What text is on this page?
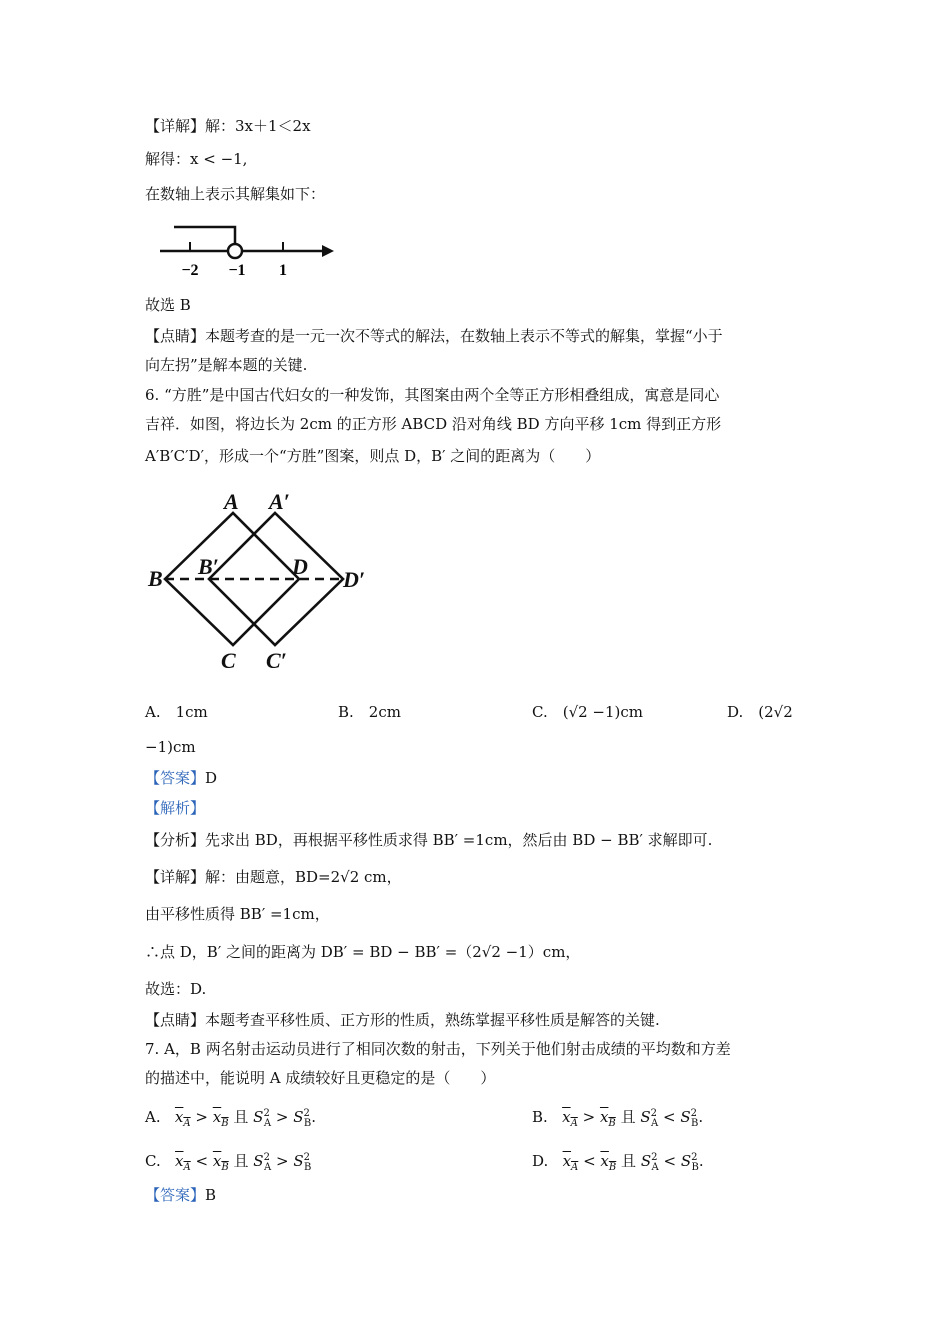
【详解】解：3x＋1＜2x
解得：x < −1,
在数轴上表示其解集如下：
−2 −1 1
故选 B
【点睛】本题考查的是一元一次不等式的解法，在数轴上表示不等式的解集，掌握“小于
向左拐”是解本题的关键.
6. “方胜”是中国古代妇女的一种发饰，其图案由两个全等正方形相叠组成，寓意是同心
吉祥．如图，将边长为 2cm 的正方形 ABCD 沿对角线 BD 方向平移 1cm 得到正方形
A′B′C′D′，形成一个“方胜”图案，则点 D，B′ 之间的距离为（　　）
A A′
B B′	D
D′
C C′
A.　1cm	B.　2cm	C.　(√2 −1)cm	D.　(2√2
−1)cm
【答案】D
【解析】
【分析】先求出 BD，再根据平移性质求得 BB′ =1cm，然后由 BD − BB′ 求解即可.
【详解】解：由题意，BD=2√2 cm，
由平移性质得 BB′ =1cm，
∴点 D，B′ 之间的距离为 DB′ = BD − BB′ =（2√2 −1）cm，
故选：D.
【点睛】本题考查平移性质、正方形的性质，熟练掌握平移性质是解答的关键.
7. A，B 两名射击运动员进行了相同次数的射击，下列关于他们射击成绩的平均数和方差
的描述中，能说明 A 成绩较好且更稳定的是（　　）
A. $x_A > x_B$ 且 $S^2_A > S^2_B$.	B. $x_A > x_B$ 且 $S^2_A < S^2_B$.
C. $x_A < x_B$ 且 $S^2_A > S^2_B$	D. $x_A < x_B$ 且 $S^2_A < S^2_B$.
【答案】B
